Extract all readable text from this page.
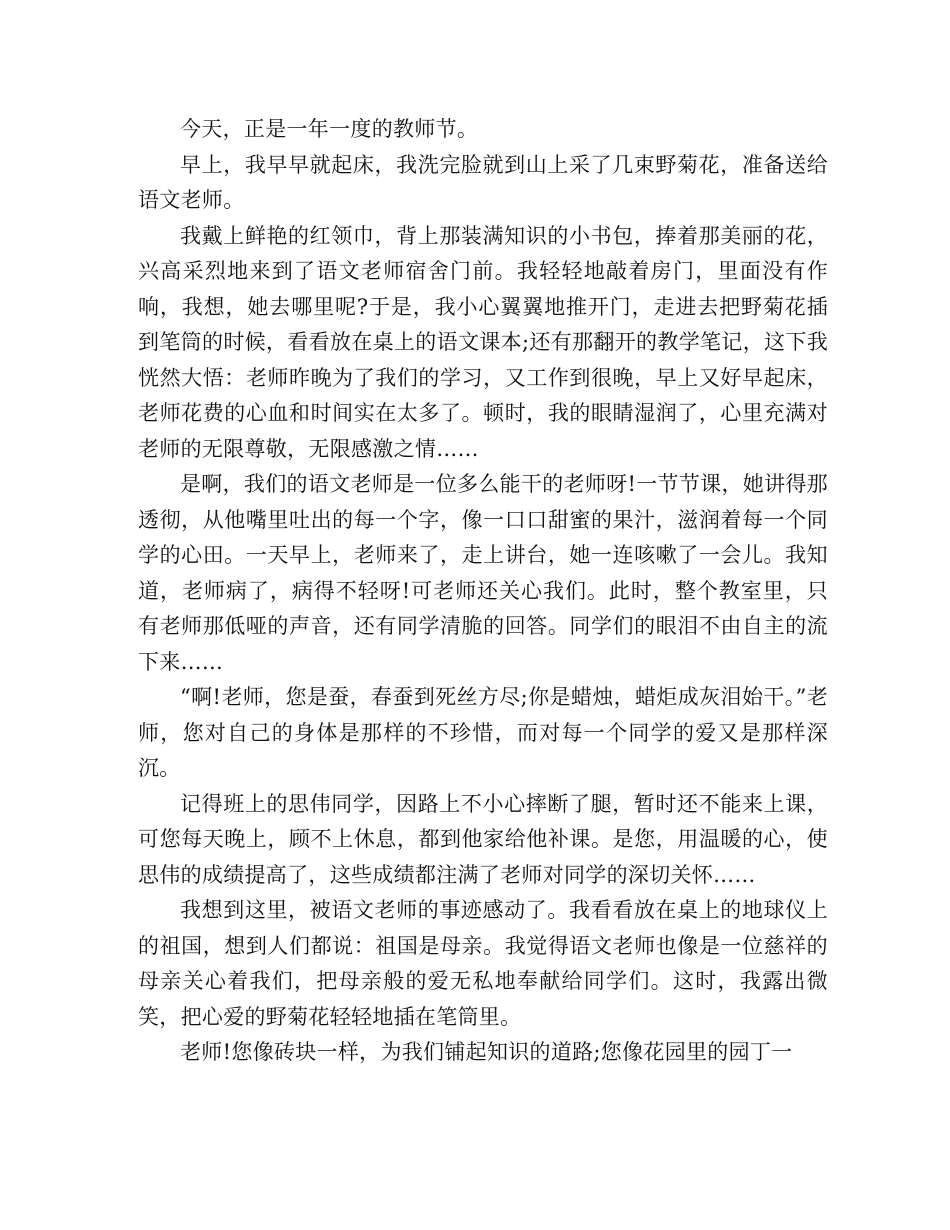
今天，正是一年一度的教师节。

早上，我早早就起床，我洗完脸就到山上采了几束野菊花，准备送给语文老师。

我戴上鲜艳的红领巾，背上那装满知识的小书包，捧着那美丽的花，兴高采烈地来到了语文老师宿舍门前。我轻轻地敲着房门，里面没有作响，我想，她去哪里呢?于是，我小心翼翼地推开门，走进去把野菊花插到笔筒的时候，看看放在桌上的语文课本;还有那翻开的教学笔记，这下我恍然大悟：老师昨晚为了我们的学习，又工作到很晚，早上又好早起床，老师花费的心血和时间实在太多了。顿时，我的眼睛湿润了，心里充满对老师的无限尊敬，无限感激之情……

是啊，我们的语文老师是一位多么能干的老师呀!一节节课，她讲得那透彻，从他嘴里吐出的每一个字，像一口口甜蜜的果汁，滋润着每一个同学的心田。一天早上，老师来了，走上讲台，她一连咳嗽了一会儿。我知道，老师病了，病得不轻呀!可老师还关心我们。此时，整个教室里，只有老师那低哑的声音，还有同学清脆的回答。同学们的眼泪不由自主的流下来……

“啊!老师，您是蚕，春蚕到死丝方尽;你是蜡烛，蜡炬成灰泪始干。”老师，您对自己的身体是那样的不珍惜，而对每一个同学的爱又是那样深沉。

记得班上的思伟同学，因路上不小心摔断了腿，暂时还不能来上课，可您每天晚上，顾不上休息，都到他家给他补课。是您，用温暖的心，使思伟的成绩提高了，这些成绩都注满了老师对同学的深切关怀……

我想到这里，被语文老师的事迹感动了。我看看放在桌上的地球仪上的祖国，想到人们都说：祖国是母亲。我觉得语文老师也像是一位慈祥的母亲关心着我们，把母亲般的爱无私地奉献给同学们。这时，我露出微笑，把心爱的野菊花轻轻地插在笔筒里。

老师!您像砖块一样，为我们铺起知识的道路;您像花园里的园丁一
